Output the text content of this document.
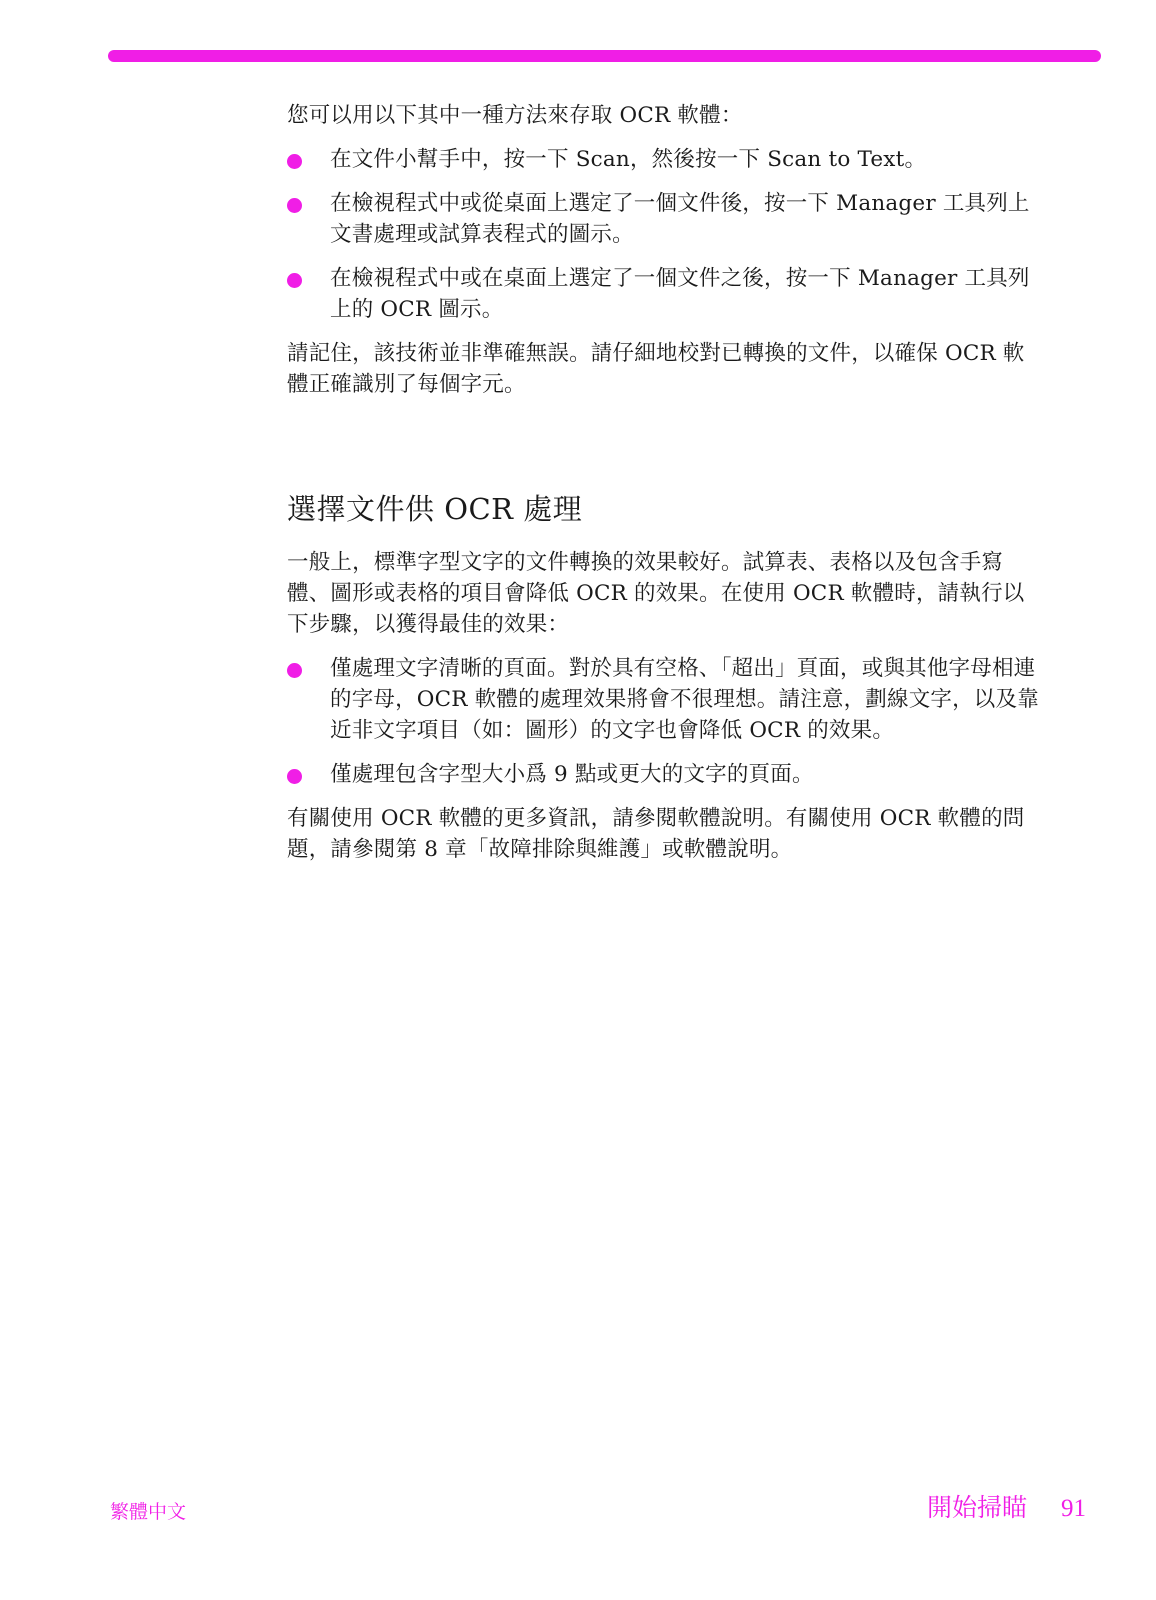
您可以用以下其中一種方法來存取 OCR 軟體：

在文件小幫手中，按一下 Scan，然後按一下 Scan to Text。
在檢視程式中或從桌面上選定了一個文件後，按一下 Manager 工具列上文書處理或試算表程式的圖示。
在檢視程式中或在桌面上選定了一個文件之後，按一下 Manager 工具列上的 OCR 圖示。

請記住，該技術並非準確無誤。請仔細地校對已轉換的文件，以確保 OCR 軟體正確識別了每個字元。

選擇文件供 OCR 處理

一般上，標準字型文字的文件轉換的效果較好。試算表、表格以及包含手寫體、圖形或表格的項目會降低 OCR 的效果。在使用 OCR 軟體時，請執行以下步驟，以獲得最佳的效果：

僅處理文字清晰的頁面。對於具有空格、「超出」頁面，或與其他字母相連的字母，OCR 軟體的處理效果將會不很理想。請注意，劃線文字，以及靠近非文字項目（如：圖形）的文字也會降低 OCR 的效果。
僅處理包含字型大小爲 9 點或更大的文字的頁面。

有關使用 OCR 軟體的更多資訊，請參閱軟體說明。有關使用 OCR 軟體的問題，請參閱第 8 章「故障排除與維護」或軟體說明。

繁體中文	開始掃瞄 91
